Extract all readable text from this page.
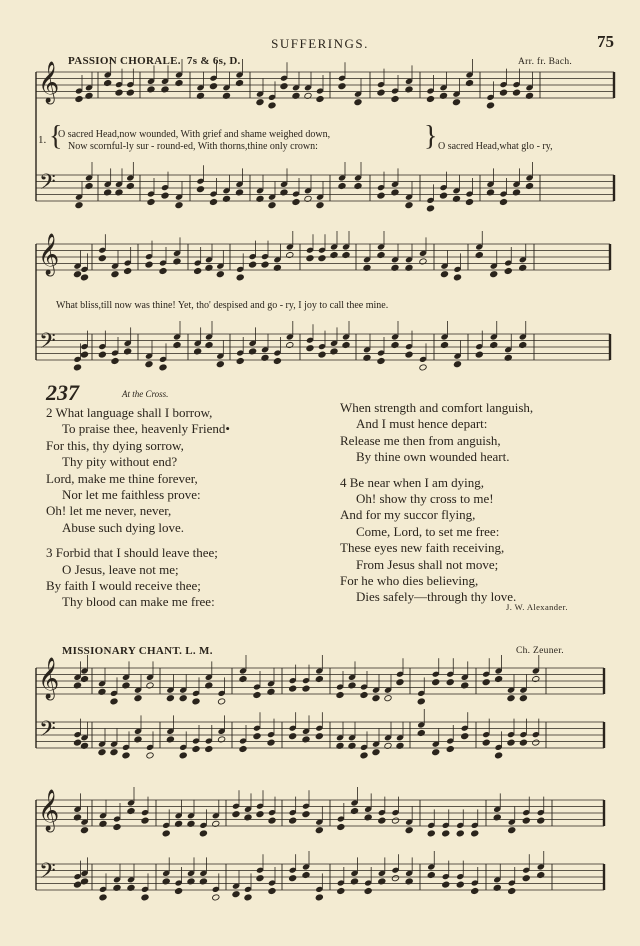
SUFFERINGS.	75
PASSION CHORALE. 7s & 6s, D.	Arr. fr. Bach.
𝄞
𝄢
𝄞
𝄢
𝄞
𝄢
𝄞
𝄢
1. {
O sacred Head,now wounded, With grief and shame weighed down,
Now scornful-ly sur - round-ed, With thorns,thine only crown:	} O sacred Head,what glo - ry,
What bliss,till now was thine! Yet, tho' despised and go - ry, I joy to call thee mine.
237	At the Cross.
2 What language shall I borrow,
To praise thee, heavenly Friend•
For this, thy dying sorrow,
Thy pity without end?
Lord, make me thine forever,
Nor let me faithless prove:
Oh! let me never, never,
Abuse such dying love.

3 Forbid that I should leave thee;
O Jesus, leave not me;
By faith I would receive thee;
Thy blood can make me free:
When strength and comfort languish,
And I must hence depart:
Release me then from anguish,
By thine own wounded heart.

4 Be near when I am dying,
Oh! show thy cross to me!
And for my succor flying,
Come, Lord, to set me free:
These eyes new faith receiving,
From Jesus shall not move;
For he who dies believing,
Dies safely—through thy love.
J. W. Alexander.
MISSIONARY CHANT. L. M.	Ch. Zeuner.
